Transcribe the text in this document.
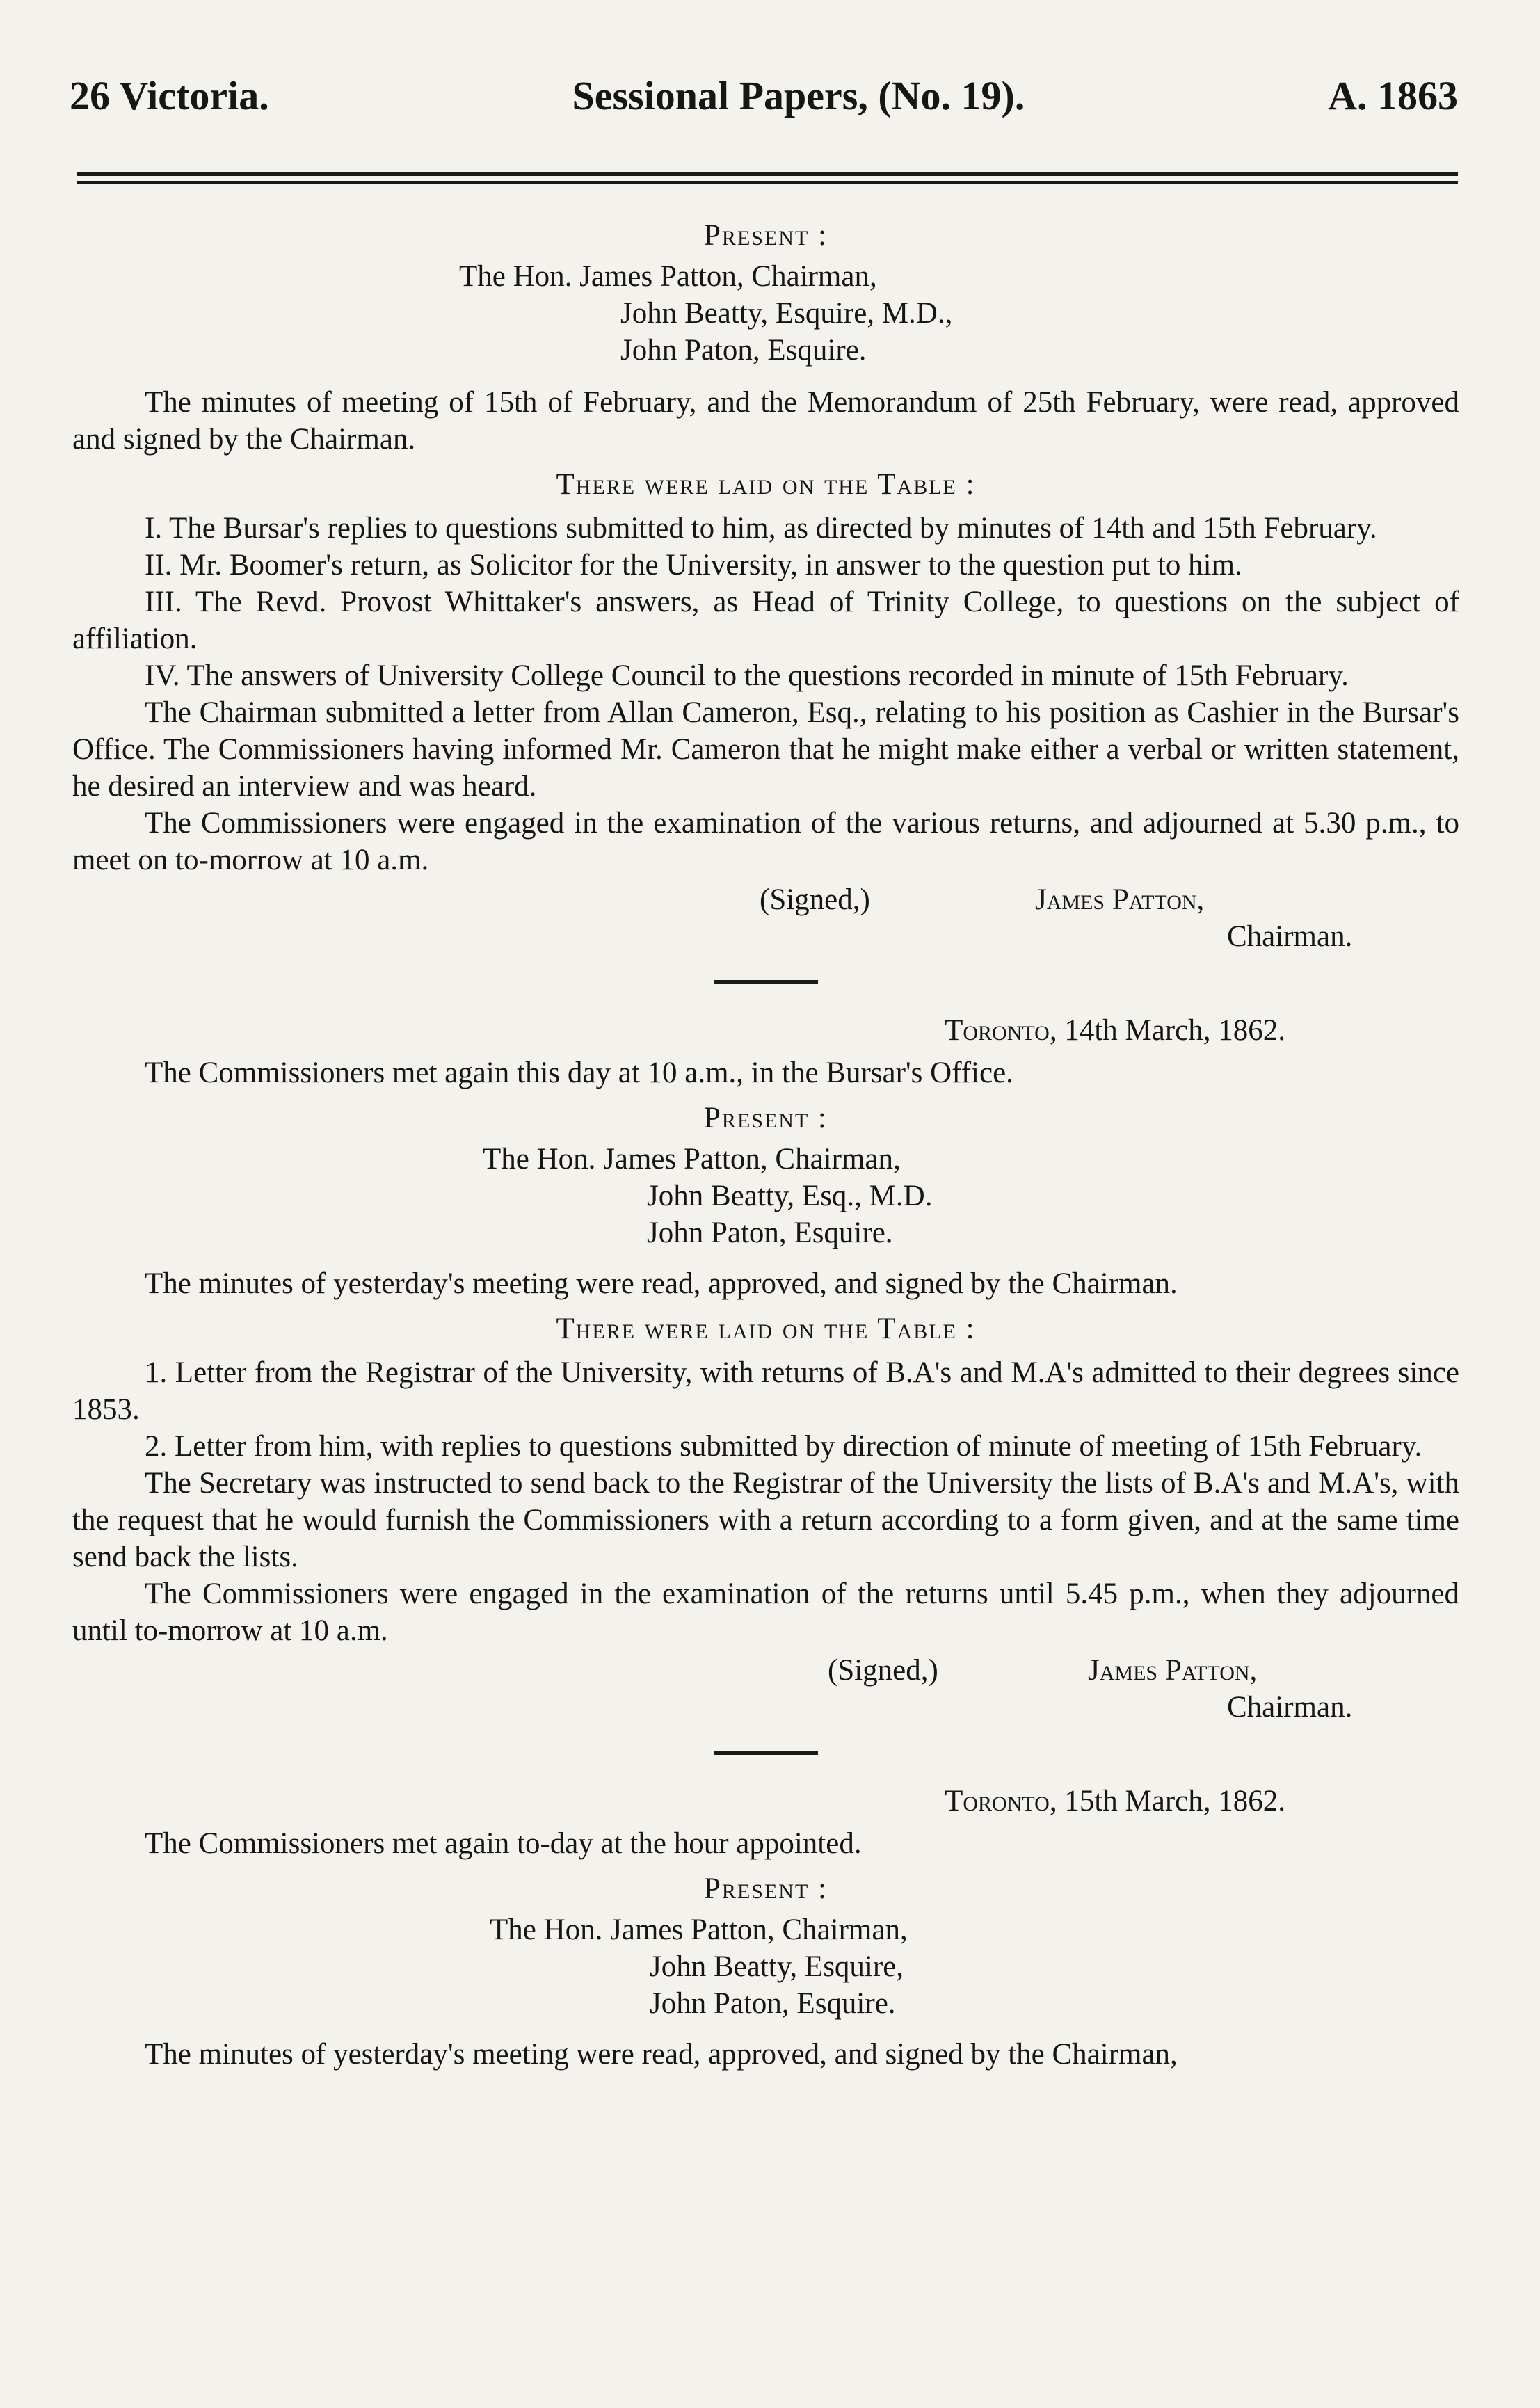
26 Victoria.	Sessional Papers, (No. 19).	A. 1863
Present :
The Hon. James Patton, Chairman,
John Beatty, Esquire, M.D.,
John Paton, Esquire.

The minutes of meeting of 15th of February, and the Memorandum of 25th February, were read, approved and signed by the Chairman.

There were laid on the Table :

I. The Bursar's replies to questions submitted to him, as directed by minutes of 14th and 15th February.

II. Mr. Boomer's return, as Solicitor for the University, in answer to the question put to him.

III. The Revd. Provost Whittaker's answers, as Head of Trinity College, to questions on the subject of affiliation.

IV. The answers of University College Council to the questions recorded in minute of 15th February.

The Chairman submitted a letter from Allan Cameron, Esq., relating to his position as Cashier in the Bursar's Office. The Commissioners having informed Mr. Cameron that he might make either a verbal or written statement, he desired an interview and was heard.

The Commissioners were engaged in the examination of the various returns, and adjourned at 5.30 p.m., to meet on to-morrow at 10 a.m.

(Signed,)	James Patton,
Chairman.
Toronto, 14th March, 1862.

The Commissioners met again this day at 10 a.m., in the Bursar's Office.

Present :
The Hon. James Patton, Chairman,
John Beatty, Esq., M.D.
John Paton, Esquire.

The minutes of yesterday's meeting were read, approved, and signed by the Chairman.

There were laid on the Table :

1. Letter from the Registrar of the University, with returns of B.A's and M.A's admitted to their degrees since 1853.

2. Letter from him, with replies to questions submitted by direction of minute of meeting of 15th February.

The Secretary was instructed to send back to the Registrar of the University the lists of B.A's and M.A's, with the request that he would furnish the Commissioners with a return according to a form given, and at the same time send back the lists.

The Commissioners were engaged in the examination of the returns until 5.45 p.m., when they adjourned until to-morrow at 10 a.m.

(Signed,)	James Patton,
Chairman.
Toronto, 15th March, 1862.

The Commissioners met again to-day at the hour appointed.

Present :
The Hon. James Patton, Chairman,
John Beatty, Esquire,
John Paton, Esquire.

The minutes of yesterday's meeting were read, approved, and signed by the Chairman,
